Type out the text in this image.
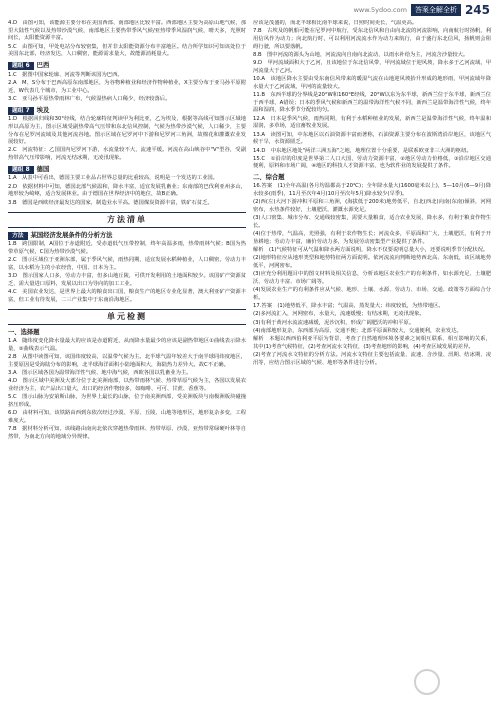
www.5ydoo.com	答案全解全析 245

4.D　由图可知，该能源主要分布在美国西部、南部地区比较丰富。西部地区主要为高原山地气候，那里大陆性气候以及热带沙漠气候，南部地区主要热带季风气候/亚热带季风湿润气候，晴天多，光照时间长，太阳能资源丰富。

5.C　由图可知，甲处电站分布较密集，但并非太阳能资源分布丰富地区。结合所学知识可知该处位于美国东北部，经济发达，人口稠密，能源需求量大，故能源消耗量大。

题组 6 巴西

1.C　据图中国家轮廓、河流等判断该国为巴西。

2.A　M、S分布于巴西高原东南部地区，为谷物种植业和经济作物种植业，X主要分布于亚马孙平原附近，W代表几个城市，为工业中心。

3.C　亚马孙平原热带雨林广布，气候湿热病人口稀少，经济较落后。

题组 7 埃及

1.D　根据回归线和30°经线，结合轮廓特征判读甲为利比亚，乙为埃及，根据等高线可知图示区域地形以高原为主，图示区域受副热带高气压带和东北信风控制，气候为热带沙漠气候，人口稀少，主要分布在尼罗河流域及其他河流谷地。图示区域在尼罗河中下游和尼罗河三角洲，故棉花和灌溉农业发展较好。

2.C　河流特征：乙国国内尼罗河下游，水流量较不大，流速平缓。河流在高山峡谷中"V"型谷，受副热带高气压带影响，河流无结冰期，无凌汛现象。

题组 8 德国

1.A　从表中可看出，德国主要工业品占世界总量的比重较高，说明是一个发达的工业国。

2.D　依据材料中可知，德国北部气候温和，降水丰富，适宜发展乳畜业；东南部的巴伐利亚州多山，地形较为崎岖，适合发展林业。由于德国在世界经济中的地位，故B正确。

3.B　德国是西欧经济最发达的国家，制造业水平高。德国煤炭资源丰富，铁矿石贫乏。

方法清单
方法 某国经济发展条件的分析方法

1.B　跨国限制，A国位于赤道附近，受赤道低气压带控制，终年高温多雨，热带雨林气候；B国为热带草原气候，C国为热带沙漠气候。

2.C　图示区域位于亚洲东部，属于季风气候，雨热同期，适宜发展水稻种植业，人口稠密，劳动力丰富，以水稻为主的小农经营，中国、日本为主。

3.D　图示国家人口多，劳动力丰富，但多山地丘陵，可供开发利用的土地面积较少。该国矿产资源贫乏，需大量进口原料，发展以出口为导向的加工工业。

4.C　美国农业发达，是世界上最大的粮食出口国，粮食生产的地区专业化显著，澳大利亚矿产资源丰富，但工业有待发展，二三产业集中于东南沿海地区。

单元检测
一、选择题

1.A　随纬度变化降水量最大的应该是赤道附近，从而降水量最少的应该是副热带地区①曲线表示降水量，②曲线表示气温。

2.B　从图中读图可知，该国纬度较高，以温带气候为主。北半球气温年较差大于南半球同纬度地区，主要原因是受海陆分布的影响，北半球海洋面积小陆地面积大，海陆热力差异大。故C不正确。

3.A　图示区域各国为温带海洋性气候、地中海气候，西欧各国以乳畜业为主。

4.D　图示区域中美洲及大部分位于北美洲南部，以热带雨林气候、热带草原气候为主，各国以发展农业经济为主，农产品出口量大，出口的经济作物较多，如咖啡、可可、甘蔗、香蕉等。

5.C　图示山脉为安第斯山脉，为世界上最长的山脉，位于南美洲西部，受美洲板块与南极洲板块碰撞挤压形成。

6.D　由材料可知，该铁路由西到东依次经过沙漠、平原、丘陵、山地等地形区，地形复杂多变，工程难度大。

7.B　据材料分析可知，该线路由南向北依次穿越热带雨林、热带草原、沙漠、亚热带常绿硬叶林等自然带，为南北方向的地域分异规律。

应该是茂盛的，而北半球相比南半球来说，日照时间更长，气温更高。

7.B　古埃及的帆船可能在尼罗河中航行，受东北信风和自由向北流的河流影响，向南航行时扬帆，利用信风作为动力；向北航行时，可以利用河流流水作为动力来航行，由于盛行东北信风，扬帆则会阻碍行驶，所以要落帆。

8.B　图中河流的源头为山地，河流流向自南向北流动，以雨水补给为主，河流含沙量较大。

9.D　甲河流域面积大于乙河，且该地位于东北信风带，甲河流域位于迎风坡，降水多于乙河流域，甲河流量大于乙河。

10.A　该地区降水主要由受东南信风带来的暖湿气流在山地迎风坡抬升形成的地形雨，甲河流域年降水量大于乙河流域，甲河的流量较大。

11.B　东西半球的分界线是20°W和160°E经线，20°W以东为东半球，新西兰位于东半球，新西兰位于西半球，A错误；日本的季风气候和新西兰的温带海洋性气候不同，新西兰是温带海洋性气候，终年温和湿润，降水季节分配较均匀。

12.A　日本是季风气候，雨热同期，有利于水稻种植业的发展，新西兰是温带海洋性气候，终年温和湿润，多草场，适宜畜牧业发展。

13.A　读图可知，中东地区以石油资源丰富而著称，石油资源主要分布在波斯湾沿岸地区，该地区气候干旱，水资源匮乏。

14.D　中东地区地处"两洋三洲五海"之地，地理位置十分重要，是联系欧亚非三大洲的枢纽。

15.C　①沿岸的印度是世界第二人口大国，劳动力资源丰富，②地区劳动力价格低，③沿岸地区交通便利，原料和市场广阔，④地区的科技人才资源丰富，也为软件业的发展提供了条件。

二、综合题

16.答案　(1)全年高温(各月均温都高于20℃)；全年降水量大(1600毫米以上)，5—10月(6—9月)降水较多(雨季)，11月至次年4月(10月至次年5月)降水较少(旱季)。

(2)西(左)大河下游冲积平原和三角洲，(海拔低于200米)地势低平，自北(西北)向南(东南)倾斜，河网密布，水热条件较好，土壤肥沃，灌溉水源充足。

(3)人口密集、城市分布、交通线较密集，需要大量粮食，适合农业发展，降水多，有利于粮食作物生长。

(4)位于热带，气温高，光照强，有利于农作物生长；河流众多，平原面积广大，土壤肥沃，有利于开垦耕地；劳动力丰富，廉价劳动力多，为发展劳动密集型产业提供了条件。

解析　(1)气候特征可从气温和降水两方面说明，降水不仅要说明总量大小，还要说明季节分配状况。

(2)地形特征应从地形类型和地势特征两方面说明。依河流流向判断地势西北高、东南低，该区域地势低平，河网密布。

(3)应充分利用题目中的图文材料及相关信息，分析该地区农业生产的有利条件，如水源充足、土壤肥沃、劳动力丰富、市场广阔等。

(4)发展农业生产的有利条件应从气候、地形、土壤、水源、劳动力、市场、交通、政策等方面综合分析。

17.答案　(1)地势低平，降水丰富；气温高，蒸发量大；纬度较低，为热带地区。

(2)多河流汇入，河网密布，水量大，流速缓慢；有结冰期，无凌汛现象。

(3)有利于黄河水流流速减缓，泥沙沉积，形成广阔肥沃的冲积平原。

(4)南部地形复杂，东西部为高原，交通不便；北部平原面积较大，交通便利，农业发达。

解析　本题以西西伯利亚平原为背景，考查了自然地理环境各要素之间相互联系、相互影响的关系，其中(1)考查气候特征，(2)考查河流水文特征，(3)考查地形的影响，(4)考查区域发展的差异。

(2)考查了河流水文特征的分析方法。河流水文特征主要包括流量、流速、含沙量、汛期、结冰期、凌汛等，应结合图示区域的气候、地形等条件进行分析。
